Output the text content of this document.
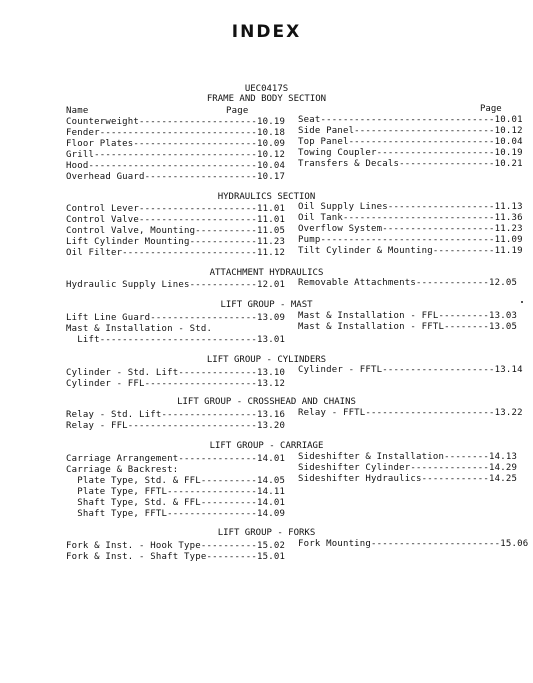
INDEX
UEC0417S
FRAME AND BODY SECTION
Name	Page	Page
Counterweight---------------------10.19
Fender----------------------------10.18
Floor Plates----------------------10.09
Grill-----------------------------10.12
Hood------------------------------10.04
Overhead Guard--------------------10.17
Seat-------------------------------10.01
Side Panel-------------------------10.12
Top Panel--------------------------10.04
Towing Coupler---------------------10.19
Transfers & Decals-----------------10.21
HYDRAULICS SECTION
Control Lever---------------------11.01
Control Valve---------------------11.01
Control Valve, Mounting-----------11.05
Lift Cylinder Mounting------------11.23
Oil Filter------------------------11.12
Oil Supply Lines-------------------11.13
Oil Tank---------------------------11.36
Overflow System--------------------11.23
Pump-------------------------------11.09
Tilt Cylinder & Mounting-----------11.19
ATTACHMENT HYDRAULICS
Hydraulic Supply Lines------------12.01 Removable Attachments-------------12.05
LIFT GROUP - MAST
Lift Line Guard-------------------13.09
Mast & Installation - Std.
Lift----------------------------13.01
Mast & Installation - FFL---------13.03
Mast & Installation - FFTL--------13.05
LIFT GROUP - CYLINDERS
Cylinder - Std. Lift--------------13.10
Cylinder - FFL--------------------13.12
Cylinder - FFTL--------------------13.14
LIFT GROUP - CROSSHEAD AND CHAINS
Relay - Std. Lift-----------------13.16
Relay - FFL-----------------------13.20
Relay - FFTL-----------------------13.22
LIFT GROUP - CARRIAGE
Carriage Arrangement--------------14.01
Carriage & Backrest:
Plate Type, Std. & FFL----------14.05
Plate Type, FFTL----------------14.11
Shaft Type, Std. & FFL----------14.01
Shaft Type, FFTL----------------14.09
Sideshifter & Installation--------14.13
Sideshifter Cylinder--------------14.29
Sideshifter Hydraulics------------14.25
LIFT GROUP - FORKS
Fork & Inst. - Hook Type----------15.02
Fork & Inst. - Shaft Type---------15.01
Fork Mounting-----------------------15.06
